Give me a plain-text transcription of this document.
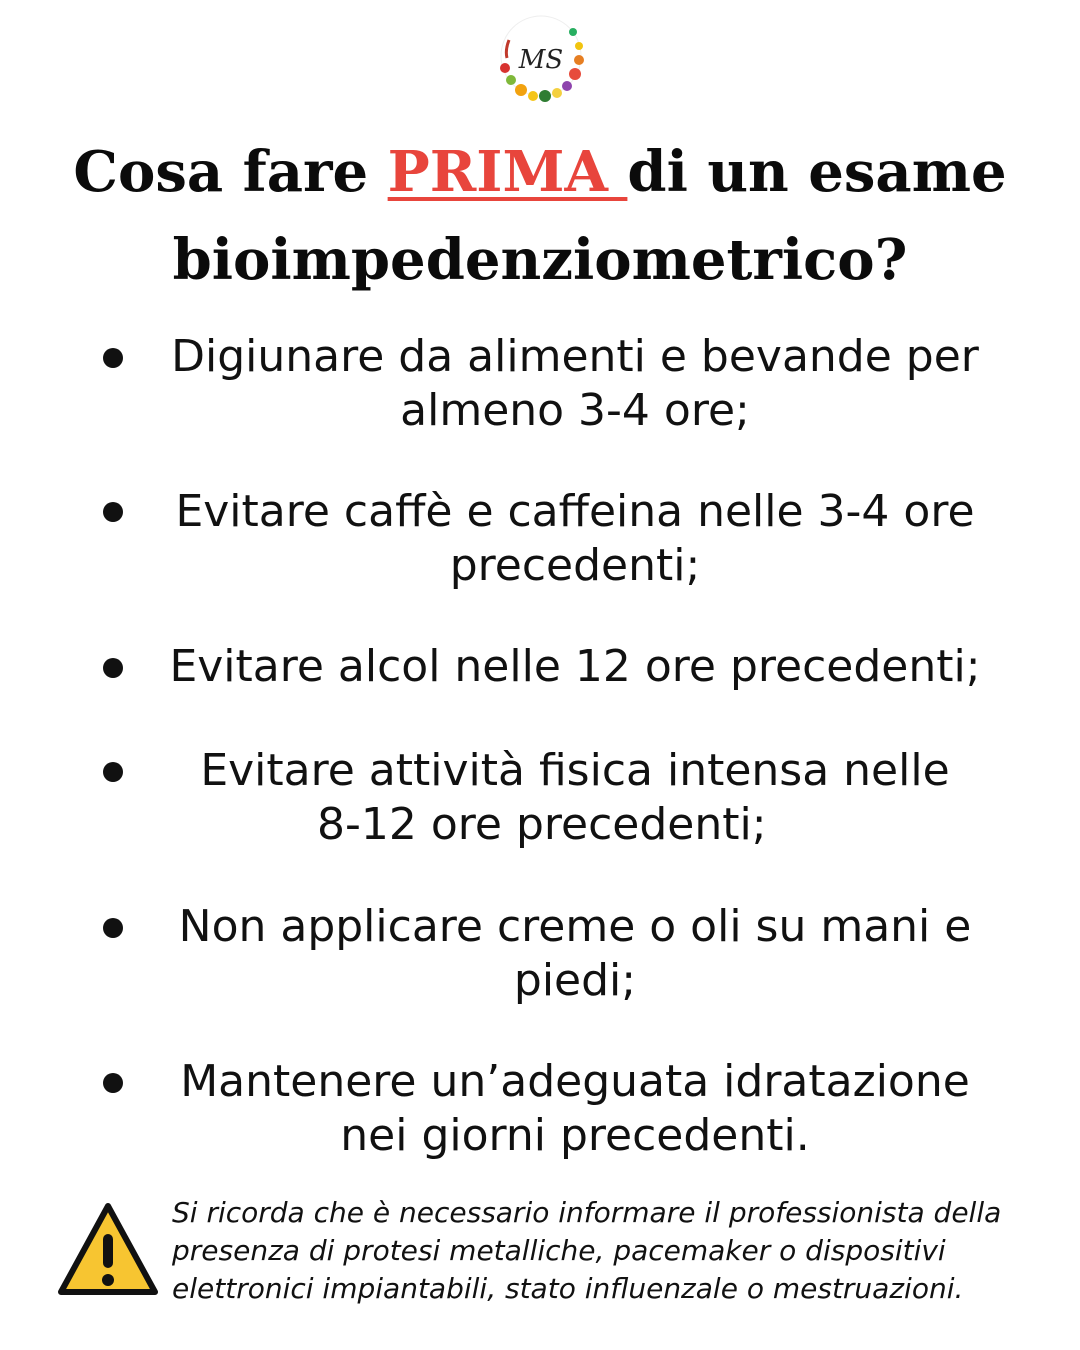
MS
Cosa fare PRIMA di un esame
bioimpedenziometrico?
Digiunare da alimenti e bevande per
almeno 3-4 ore;
Evitare caffè e caffeina nelle 3-4 ore
precedenti;
Evitare alcol nelle 12 ore precedenti;
Evitare attività fisica intensa nelle
8-12 ore precedenti;
Non applicare creme o oli su mani e
piedi;
Mantenere un’adeguata idratazione
nei giorni precedenti.
Si ricorda che è necessario informare il professionista della
presenza di protesi metalliche, pacemaker o dispositivi
elettronici impiantabili, stato influenzale o mestruazioni.
